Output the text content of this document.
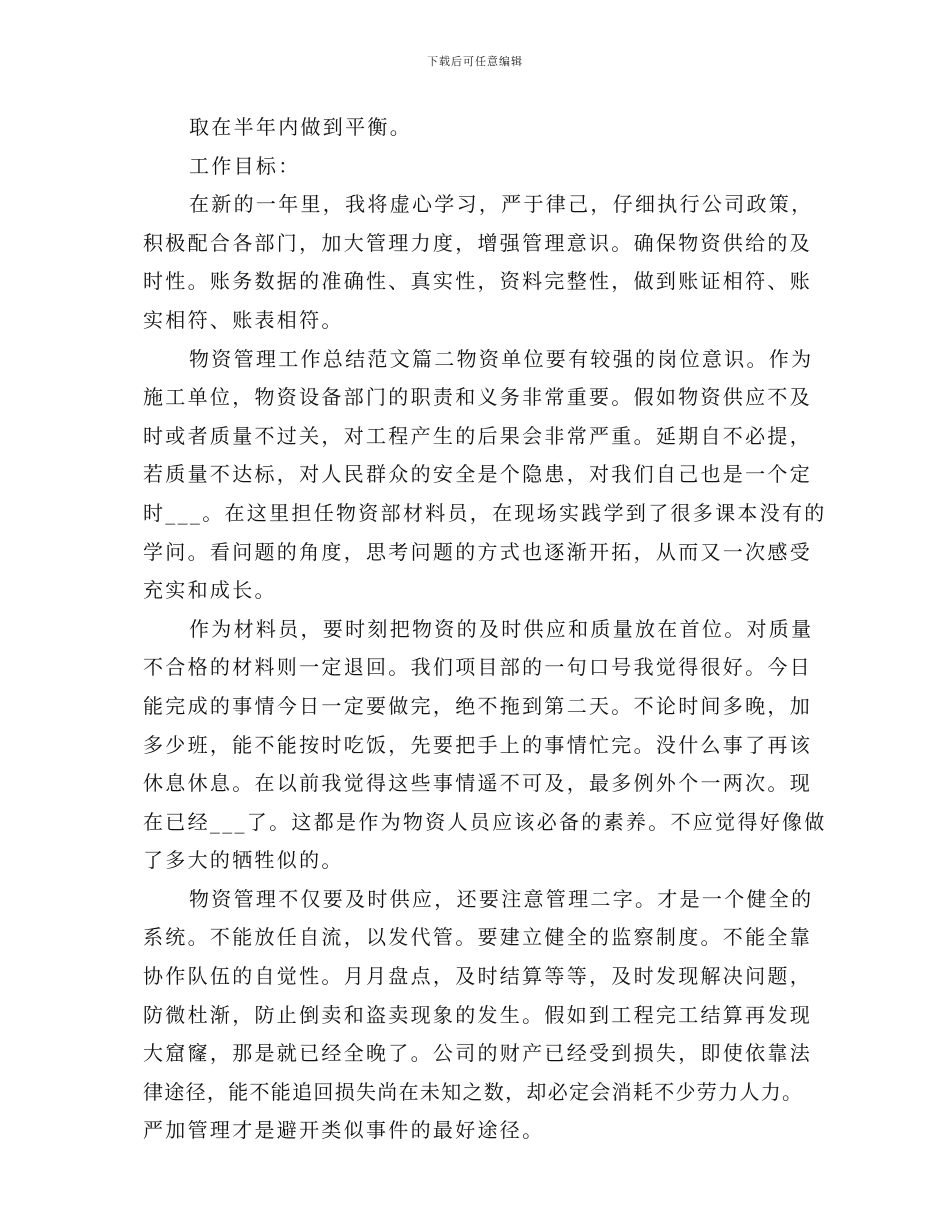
下载后可任意编辑
取在半年内做到平衡。
工作目标：
在新的一年里，我将虚心学习，严于律己，仔细执行公司政策，
积极配合各部门，加大管理力度，增强管理意识。确保物资供给的及
时性。账务数据的准确性、真实性，资料完整性，做到账证相符、账
实相符、账表相符。
物资管理工作总结范文篇二物资单位要有较强的岗位意识。作为
施工单位，物资设备部门的职责和义务非常重要。假如物资供应不及
时或者质量不过关，对工程产生的后果会非常严重。延期自不必提，
若质量不达标，对人民群众的安全是个隐患，对我们自己也是一个定
时___。在这里担任物资部材料员，在现场实践学到了很多课本没有的
学问。看问题的角度，思考问题的方式也逐渐开拓，从而又一次感受
充实和成长。
作为材料员，要时刻把物资的及时供应和质量放在首位。对质量
不合格的材料则一定退回。我们项目部的一句口号我觉得很好。今日
能完成的事情今日一定要做完，绝不拖到第二天。不论时间多晚，加
多少班，能不能按时吃饭，先要把手上的事情忙完。没什么事了再该
休息休息。在以前我觉得这些事情遥不可及，最多例外个一两次。现
在已经___了。这都是作为物资人员应该必备的素养。不应觉得好像做
了多大的牺牲似的。
物资管理不仅要及时供应，还要注意管理二字。才是一个健全的
系统。不能放任自流，以发代管。要建立健全的监察制度。不能全靠
协作队伍的自觉性。月月盘点，及时结算等等，及时发现解决问题，
防微杜渐，防止倒卖和盗卖现象的发生。假如到工程完工结算再发现
大窟窿，那是就已经全晚了。公司的财产已经受到损失，即使依靠法
律途径，能不能追回损失尚在未知之数，却必定会消耗不少劳力人力。
严加管理才是避开类似事件的最好途径。
